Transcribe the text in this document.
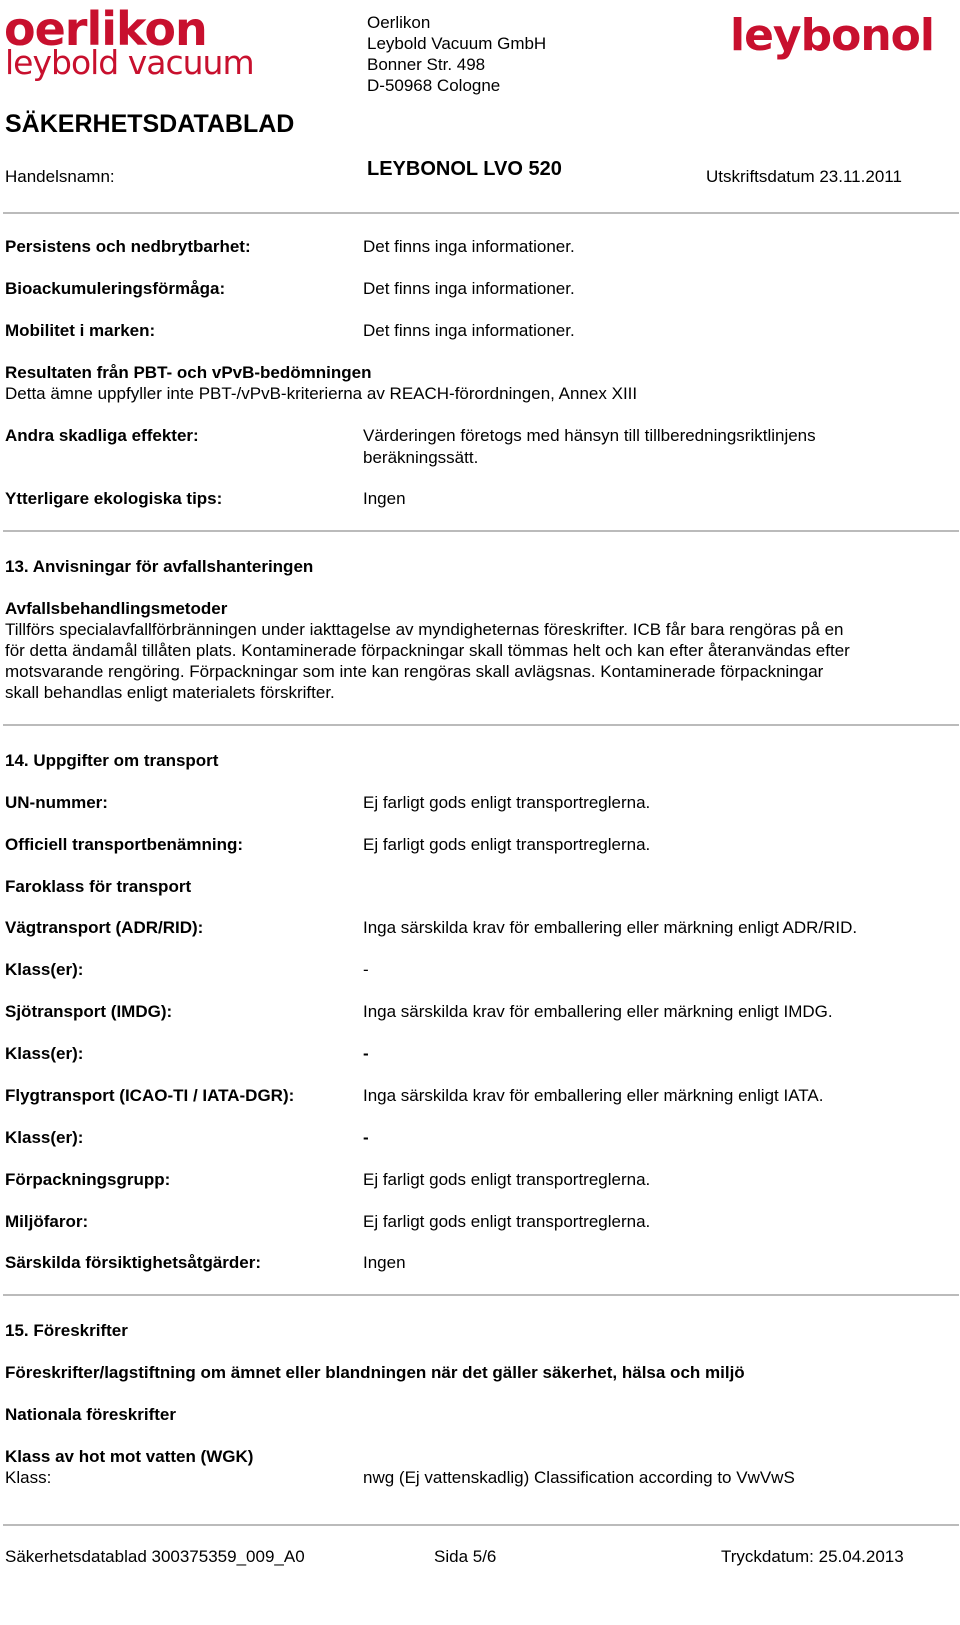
oerlikon
leybold vacuum
Oerlikon
Leybold Vacuum GmbH
Bonner Str. 498
D-50968 Cologne
leybonol
SÄKERHETSDATABLAD
Handelsnamn:	LEYBONOL LVO 520	Utskriftsdatum 23.11.2011
Persistens och nedbrytbarhet:	Det finns inga informationer.
Bioackumuleringsförmåga:	Det finns inga informationer.
Mobilitet i marken:	Det finns inga informationer.
Resultaten från PBT- och vPvB-bedömningen
Detta ämne uppfyller inte PBT-/vPvB-kriterierna av REACH-förordningen, Annex XIII
Andra skadliga effekter:	Värderingen företogs med hänsyn till tillberedningsriktlinjens
beräkningssätt.
Ytterligare ekologiska tips:	Ingen
13. Anvisningar för avfallshanteringen
Avfallsbehandlingsmetoder
Tillförs specialavfallförbränningen under iakttagelse av myndigheternas föreskrifter. ICB får bara rengöras på en
för detta ändamål tillåten plats. Kontaminerade förpackningar skall tömmas helt och kan efter återanvändas efter
motsvarande rengöring. Förpackningar som inte kan rengöras skall avlägsnas. Kontaminerade förpackningar
skall behandlas enligt materialets förskrifter.
14. Uppgifter om transport
UN-nummer:	Ej farligt gods enligt transportreglerna.
Officiell transportbenämning:	Ej farligt gods enligt transportreglerna.
Faroklass för transport
Vägtransport (ADR/RID):	Inga särskilda krav för emballering eller märkning enligt ADR/RID.
Klass(er):	-
Sjötransport (IMDG):	Inga särskilda krav för emballering eller märkning enligt IMDG.
Klass(er):	-
Flygtransport (ICAO-TI / IATA-DGR):	Inga särskilda krav för emballering eller märkning enligt IATA.
Klass(er):	-
Förpackningsgrupp:	Ej farligt gods enligt transportreglerna.
Miljöfaror:	Ej farligt gods enligt transportreglerna.
Särskilda försiktighetsåtgärder:	Ingen
15. Föreskrifter
Föreskrifter/lagstiftning om ämnet eller blandningen när det gäller säkerhet, hälsa och miljö
Nationala föreskrifter
Klass av hot mot vatten (WGK)
Klass:	nwg (Ej vattenskadlig) Classification according to VwVwS
Säkerhetsdatablad 300375359_009_A0	Sida 5/6	Tryckdatum: 25.04.2013
